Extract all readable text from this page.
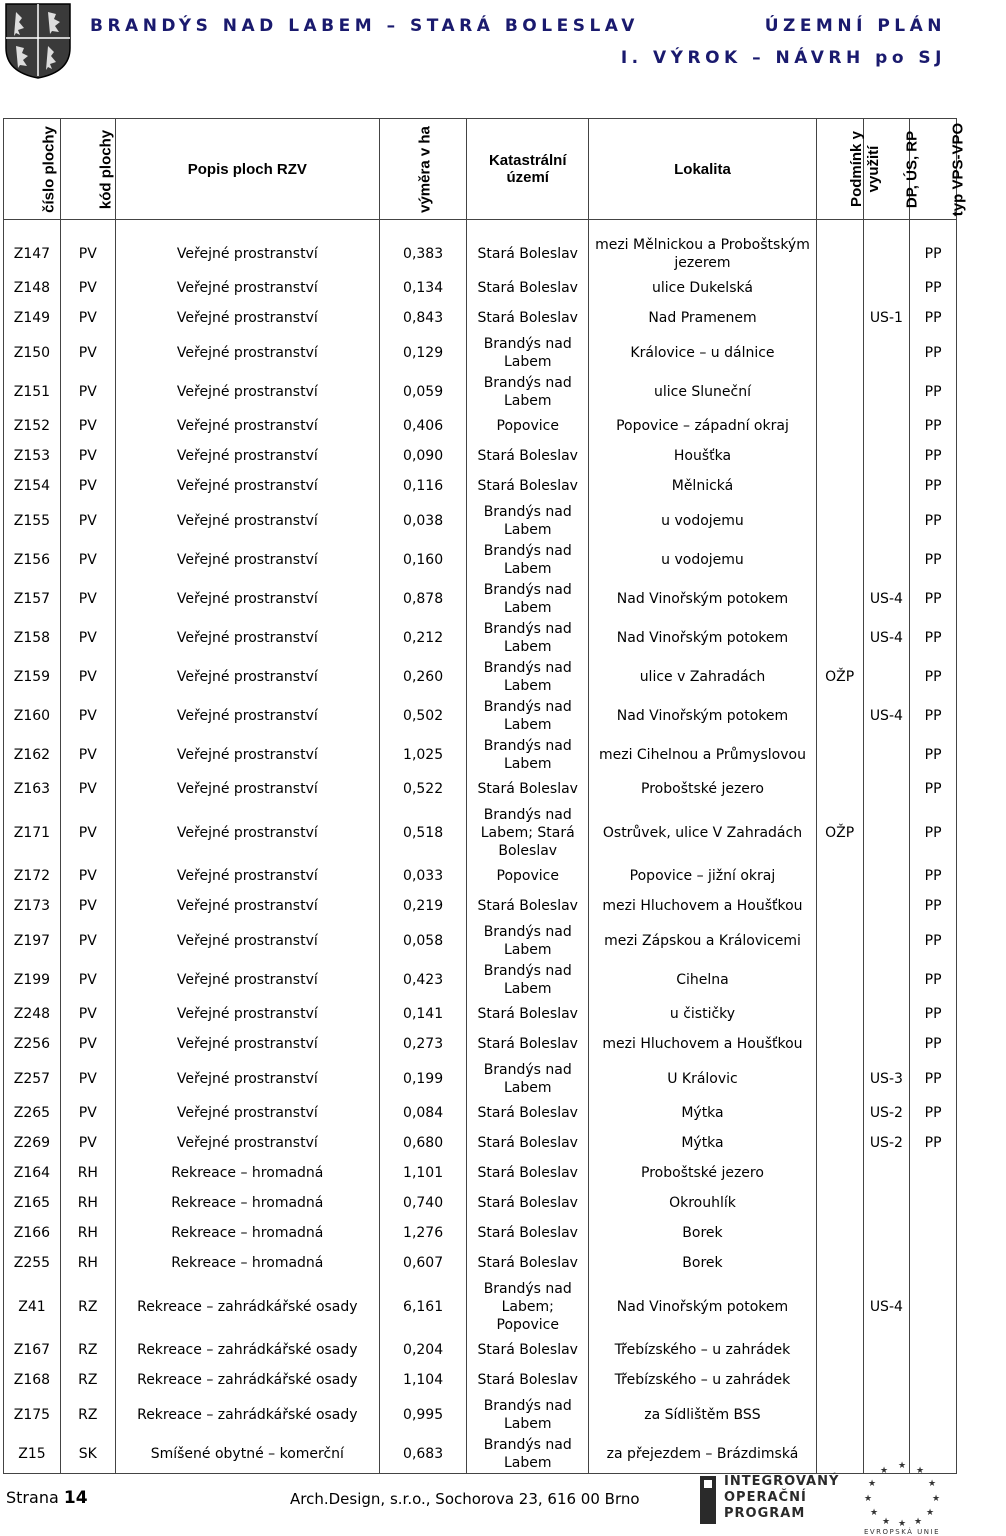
BRANDÝS NAD LABEM – STARÁ BOLESLAV	ÚZEMNÍ PLÁN
I. VÝROK – NÁVRH po SJ
číslo plochy	kód plochy	Popis ploch RZV	výměra v ha	Katastrální území	Lokalita	Podmínk y využití	DP, ÚS, RP	typ VPS-VPO

Z147	PV	Veřejné prostranství	0,383	Stará Boleslav	mezi Mělnickou a Proboštským jezerem			PP
Z148	PV	Veřejné prostranství	0,134	Stará Boleslav	ulice Dukelská			PP
Z149	PV	Veřejné prostranství	0,843	Stará Boleslav	Nad Pramenem		US-1	PP
Z150	PV	Veřejné prostranství	0,129	Brandýs nad Labem	Královice – u dálnice			PP
Z151	PV	Veřejné prostranství	0,059	Brandýs nad Labem	ulice Sluneční			PP
Z152	PV	Veřejné prostranství	0,406	Popovice	Popovice – západní okraj			PP
Z153	PV	Veřejné prostranství	0,090	Stará Boleslav	Houšťka			PP
Z154	PV	Veřejné prostranství	0,116	Stará Boleslav	Mělnická			PP
Z155	PV	Veřejné prostranství	0,038	Brandýs nad Labem	u vodojemu			PP
Z156	PV	Veřejné prostranství	0,160	Brandýs nad Labem	u vodojemu			PP
Z157	PV	Veřejné prostranství	0,878	Brandýs nad Labem	Nad Vinořským potokem		US-4	PP
Z158	PV	Veřejné prostranství	0,212	Brandýs nad Labem	Nad Vinořským potokem		US-4	PP
Z159	PV	Veřejné prostranství	0,260	Brandýs nad Labem	ulice v Zahradách	OŽP		PP
Z160	PV	Veřejné prostranství	0,502	Brandýs nad Labem	Nad Vinořským potokem		US-4	PP
Z162	PV	Veřejné prostranství	1,025	Brandýs nad Labem	mezi Cihelnou a Průmyslovou			PP
Z163	PV	Veřejné prostranství	0,522	Stará Boleslav	Proboštské jezero			PP
Z171	PV	Veřejné prostranství	0,518	Brandýs nad Labem; Stará Boleslav	Ostrůvek, ulice V Zahradách	OŽP		PP
Z172	PV	Veřejné prostranství	0,033	Popovice	Popovice – jižní okraj			PP
Z173	PV	Veřejné prostranství	0,219	Stará Boleslav	mezi Hluchovem a Houšťkou			PP
Z197	PV	Veřejné prostranství	0,058	Brandýs nad Labem	mezi Zápskou a Královicemi			PP
Z199	PV	Veřejné prostranství	0,423	Brandýs nad Labem	Cihelna			PP
Z248	PV	Veřejné prostranství	0,141	Stará Boleslav	u čističky			PP
Z256	PV	Veřejné prostranství	0,273	Stará Boleslav	mezi Hluchovem a Houšťkou			PP
Z257	PV	Veřejné prostranství	0,199	Brandýs nad Labem	U Královic		US-3	PP
Z265	PV	Veřejné prostranství	0,084	Stará Boleslav	Mýtka		US-2	PP
Z269	PV	Veřejné prostranství	0,680	Stará Boleslav	Mýtka		US-2	PP
Z164	RH	Rekreace – hromadná	1,101	Stará Boleslav	Proboštské jezero			
Z165	RH	Rekreace – hromadná	0,740	Stará Boleslav	Okrouhlík			
Z166	RH	Rekreace – hromadná	1,276	Stará Boleslav	Borek			
Z255	RH	Rekreace – hromadná	0,607	Stará Boleslav	Borek			
Z41	RZ	Rekreace – zahrádkářské osady	6,161	Brandýs nad Labem; Popovice	Nad Vinořským potokem		US-4	
Z167	RZ	Rekreace – zahrádkářské osady	0,204	Stará Boleslav	Třebízského – u zahrádek			
Z168	RZ	Rekreace – zahrádkářské osady	1,104	Stará Boleslav	Třebízského – u zahrádek			
Z175	RZ	Rekreace – zahrádkářské osady	0,995	Brandýs nad Labem	za Sídlištěm BSS			
Z15	SK	Smíšené obytné – komerční	0,683	Brandýs nad Labem	za přejezdem – Brázdimská			
Strana 14	Arch.Design, s.r.o., Sochorova 23, 616 00 Brno
INTEGROVANÝ
OPERAČNÍ
PROGRAM
★ ★
★
★
★
★
★
★
★
★
★
★
EVROPSKÁ UNIE
